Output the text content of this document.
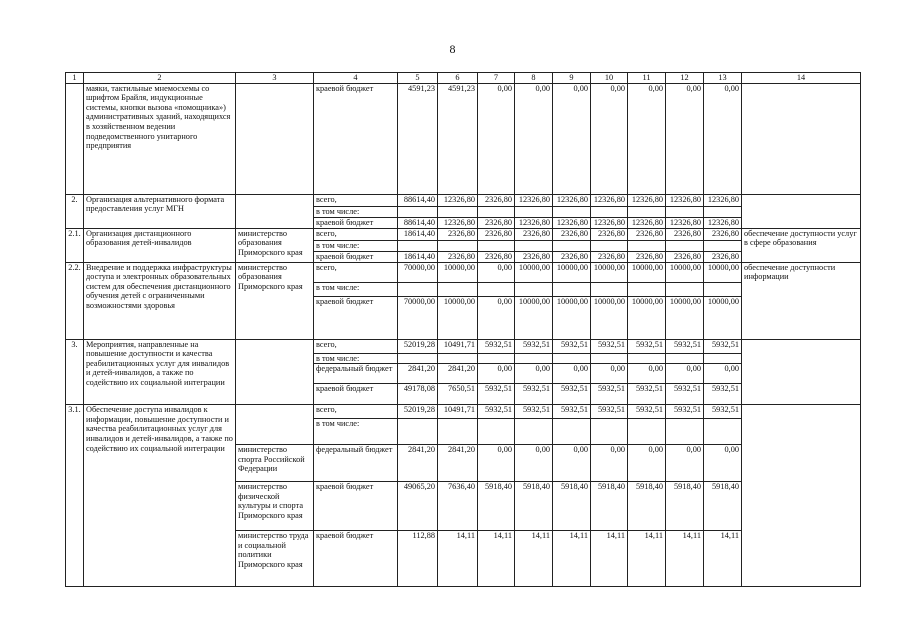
8
1	2	3	4	5	6	7	8	9	10	11	12	13	14
	маяки, тактильные мнемосхемы со шрифтом Брайля, индукционные системы, кнопки вызова «помощника») административных зданий, находящихся в хозяйственном ведении подведомственного унитарного предприятия		краевой бюджет	4591,23	4591,23	0,00	0,00	0,00	0,00	0,00	0,00	0,00	
2.	Организация альтернативного формата предоставления услуг МГН		всего,	88614,40	12326,80	2326,80	12326,80	12326,80	12326,80	12326,80	12326,80	12326,80	
			в том числе:										
			краевой бюджет	88614,40	12326,80	2326,80	12326,80	12326,80	12326,80	12326,80	12326,80	12326,80	
2.1.	Организация дистанционного образования детей-инвалидов	министерство образования Приморского края	всего,	18614,40	2326,80	2326,80	2326,80	2326,80	2326,80	2326,80	2326,80	2326,80	обеспечение доступности услуг в сфере образования
			в том числе:										
			краевой бюджет	18614,40	2326,80	2326,80	2326,80	2326,80	2326,80	2326,80	2326,80	2326,80	
2.2.	Внедрение и поддержка инфраструктуры доступа и электронных образовательных систем для обеспечения дистанционного обучения детей с ограниченными возможностями здоровья	министерство образования Приморского края	всего,	70000,00	10000,00	0,00	10000,00	10000,00	10000,00	10000,00	10000,00	10000,00	обеспечение доступности информации
			в том числе:										
			краевой бюджет	70000,00	10000,00	0,00	10000,00	10000,00	10000,00	10000,00	10000,00	10000,00	
3.	Мероприятия, направленные на повышение доступности и качества реабилитационных услуг для инвалидов и детей-инвалидов, а также по содействию их социальной интеграции		всего,	52019,28	10491,71	5932,51	5932,51	5932,51	5932,51	5932,51	5932,51	5932,51	
			в том числе:										
			федеральный бюджет	2841,20	2841,20	0,00	0,00	0,00	0,00	0,00	0,00	0,00	
			краевой бюджет	49178,08	7650,51	5932,51	5932,51	5932,51	5932,51	5932,51	5932,51	5932,51	
3.1.	Обеспечение доступа инвалидов к информации, повышение доступности и качества реабилитационных услуг для инвалидов и детей-инвалидов, а также по содействию их социальной интеграции		всего,	52019,28	10491,71	5932,51	5932,51	5932,51	5932,51	5932,51	5932,51	5932,51	
			в том числе:										
		министерство спорта Российской Федерации	федеральный бюджет	2841,20	2841,20	0,00	0,00	0,00	0,00	0,00	0,00	0,00	
		министерство физической культуры и спорта Приморского края	краевой бюджет	49065,20	7636,40	5918,40	5918,40	5918,40	5918,40	5918,40	5918,40	5918,40	
		министерство труда и социальной политики Приморского края	краевой бюджет	112,88	14,11	14,11	14,11	14,11	14,11	14,11	14,11	14,11	
